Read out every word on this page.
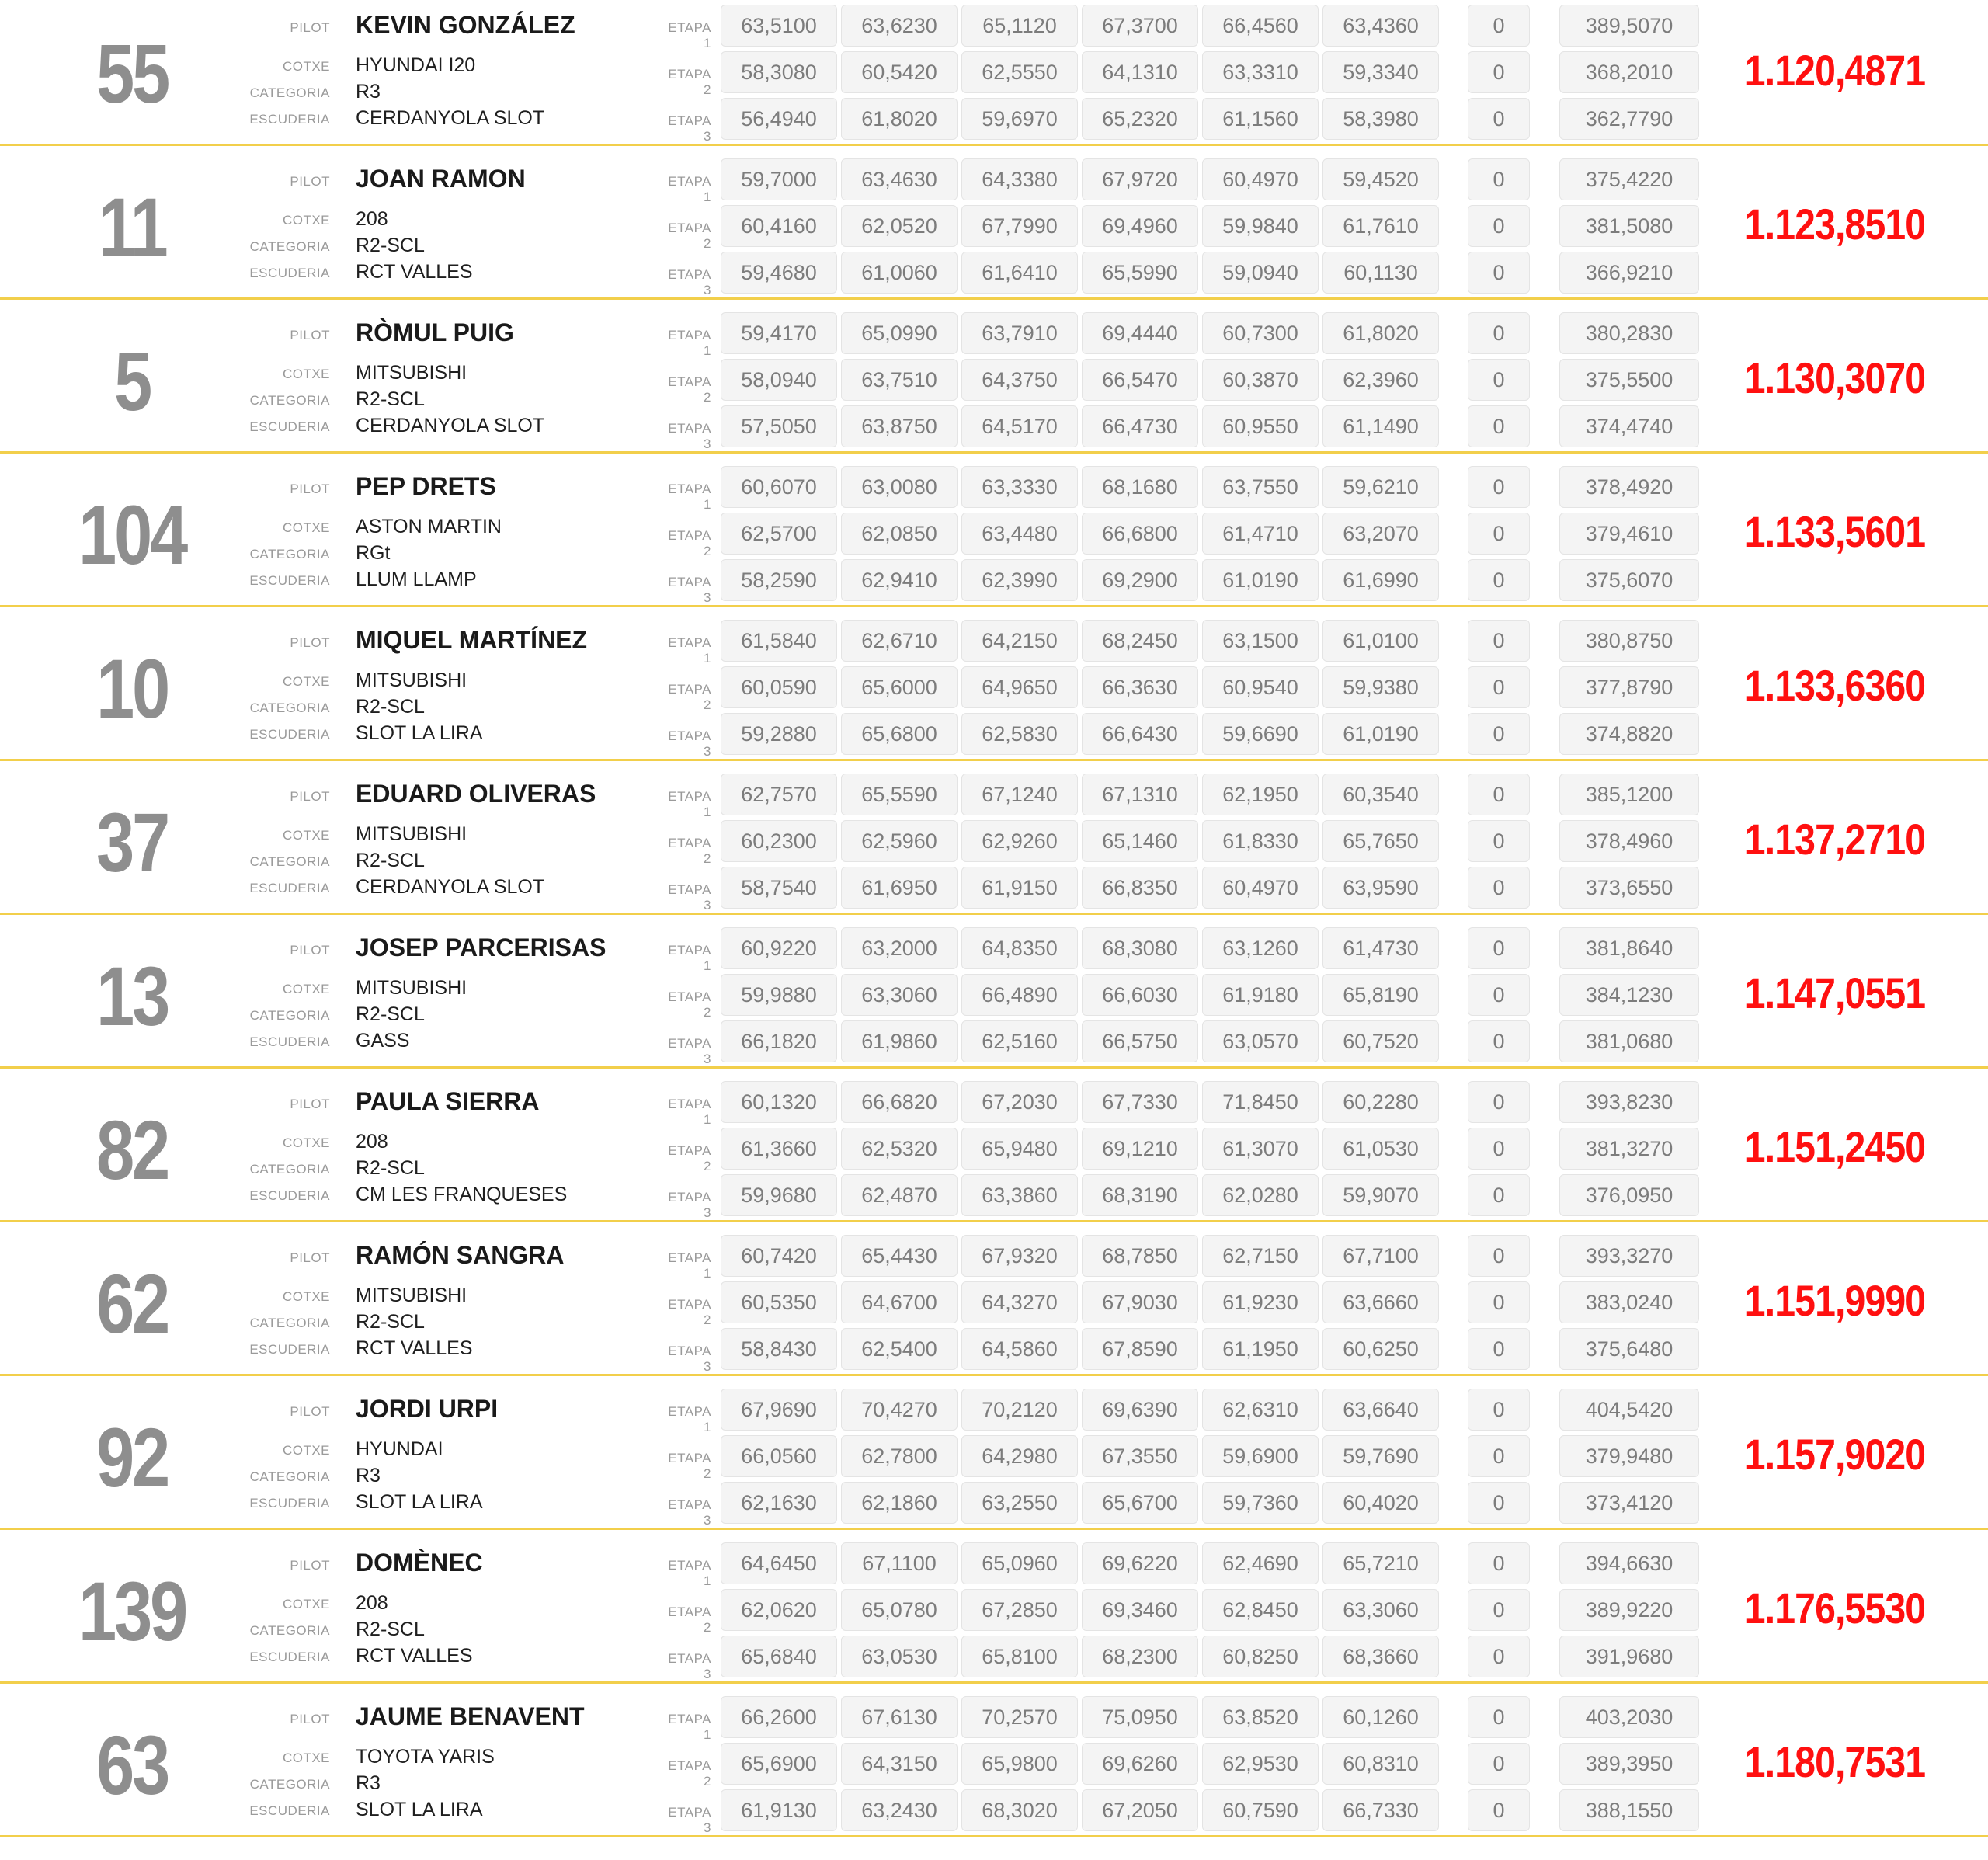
55	PILOT KEVIN GONZÁLEZ
COTXE HYUNDAI I20
CATEGORIA R3
ESCUDERIA CERDANYOLA SLOT
ETAPA 1
63,5100	63,6230	65,1120	67,3700	66,4560	63,4360	0	389,5070
ETAPA 2
58,3080	60,5420	62,5550	64,1310	63,3310	59,3340	0	368,2010
ETAPA 3
56,4940	61,8020	59,6970	65,2320	61,1560	58,3980	0	362,7790
1.120,4871
11	PILOT JOAN RAMON
COTXE 208
CATEGORIA R2-SCL
ESCUDERIA RCT VALLES
ETAPA 1
59,7000	63,4630	64,3380	67,9720	60,4970	59,4520	0	375,4220
ETAPA 2
60,4160	62,0520	67,7990	69,4960	59,9840	61,7610	0	381,5080
ETAPA 3
59,4680	61,0060	61,6410	65,5990	59,0940	60,1130	0	366,9210
1.123,8510
5	PILOT RÒMUL PUIG
COTXE MITSUBISHI
CATEGORIA R2-SCL
ESCUDERIA CERDANYOLA SLOT
ETAPA 1
59,4170	65,0990	63,7910	69,4440	60,7300	61,8020	0	380,2830
ETAPA 2
58,0940	63,7510	64,3750	66,5470	60,3870	62,3960	0	375,5500
ETAPA 3
57,5050	63,8750	64,5170	66,4730	60,9550	61,1490	0	374,4740
1.130,3070
104	PILOT PEP DRETS
COTXE ASTON MARTIN
CATEGORIA RGt
ESCUDERIA LLUM LLAMP
ETAPA 1
60,6070	63,0080	63,3330	68,1680	63,7550	59,6210	0	378,4920
ETAPA 2
62,5700	62,0850	63,4480	66,6800	61,4710	63,2070	0	379,4610
ETAPA 3
58,2590	62,9410	62,3990	69,2900	61,0190	61,6990	0	375,6070
1.133,5601
10	PILOT MIQUEL MARTÍNEZ
COTXE MITSUBISHI
CATEGORIA R2-SCL
ESCUDERIA SLOT LA LIRA
ETAPA 1
61,5840	62,6710	64,2150	68,2450	63,1500	61,0100	0	380,8750
ETAPA 2
60,0590	65,6000	64,9650	66,3630	60,9540	59,9380	0	377,8790
ETAPA 3
59,2880	65,6800	62,5830	66,6430	59,6690	61,0190	0	374,8820
1.133,6360
37	PILOT EDUARD OLIVERAS
COTXE MITSUBISHI
CATEGORIA R2-SCL
ESCUDERIA CERDANYOLA SLOT
ETAPA 1
62,7570	65,5590	67,1240	67,1310	62,1950	60,3540	0	385,1200
ETAPA 2
60,2300	62,5960	62,9260	65,1460	61,8330	65,7650	0	378,4960
ETAPA 3
58,7540	61,6950	61,9150	66,8350	60,4970	63,9590	0	373,6550
1.137,2710
13	PILOT JOSEP PARCERISAS
COTXE MITSUBISHI
CATEGORIA R2-SCL
ESCUDERIA GASS
ETAPA 1
60,9220	63,2000	64,8350	68,3080	63,1260	61,4730	0	381,8640
ETAPA 2
59,9880	63,3060	66,4890	66,6030	61,9180	65,8190	0	384,1230
ETAPA 3
66,1820	61,9860	62,5160	66,5750	63,0570	60,7520	0	381,0680
1.147,0551
82	PILOT PAULA SIERRA
COTXE 208
CATEGORIA R2-SCL
ESCUDERIA CM LES FRANQUESES
ETAPA 1
60,1320	66,6820	67,2030	67,7330	71,8450	60,2280	0	393,8230
ETAPA 2
61,3660	62,5320	65,9480	69,1210	61,3070	61,0530	0	381,3270
ETAPA 3
59,9680	62,4870	63,3860	68,3190	62,0280	59,9070	0	376,0950
1.151,2450
62	PILOT RAMÓN SANGRA
COTXE MITSUBISHI
CATEGORIA R2-SCL
ESCUDERIA RCT VALLES
ETAPA 1
60,7420	65,4430	67,9320	68,7850	62,7150	67,7100	0	393,3270
ETAPA 2
60,5350	64,6700	64,3270	67,9030	61,9230	63,6660	0	383,0240
ETAPA 3
58,8430	62,5400	64,5860	67,8590	61,1950	60,6250	0	375,6480
1.151,9990
92	PILOT JORDI URPI
COTXE HYUNDAI
CATEGORIA R3
ESCUDERIA SLOT LA LIRA
ETAPA 1
67,9690	70,4270	70,2120	69,6390	62,6310	63,6640	0	404,5420
ETAPA 2
66,0560	62,7800	64,2980	67,3550	59,6900	59,7690	0	379,9480
ETAPA 3
62,1630	62,1860	63,2550	65,6700	59,7360	60,4020	0	373,4120
1.157,9020
139	PILOT DOMÈNEC
COTXE 208
CATEGORIA R2-SCL
ESCUDERIA RCT VALLES
ETAPA 1
64,6450	67,1100	65,0960	69,6220	62,4690	65,7210	0	394,6630
ETAPA 2
62,0620	65,0780	67,2850	69,3460	62,8450	63,3060	0	389,9220
ETAPA 3
65,6840	63,0530	65,8100	68,2300	60,8250	68,3660	0	391,9680
1.176,5530
63	PILOT JAUME BENAVENT
COTXE TOYOTA YARIS
CATEGORIA R3
ESCUDERIA SLOT LA LIRA
ETAPA 1
66,2600	67,6130	70,2570	75,0950	63,8520	60,1260	0	403,2030
ETAPA 2
65,6900	64,3150	65,9800	69,6260	62,9530	60,8310	0	389,3950
ETAPA 3
61,9130	63,2430	68,3020	67,2050	60,7590	66,7330	0	388,1550
1.180,7531
